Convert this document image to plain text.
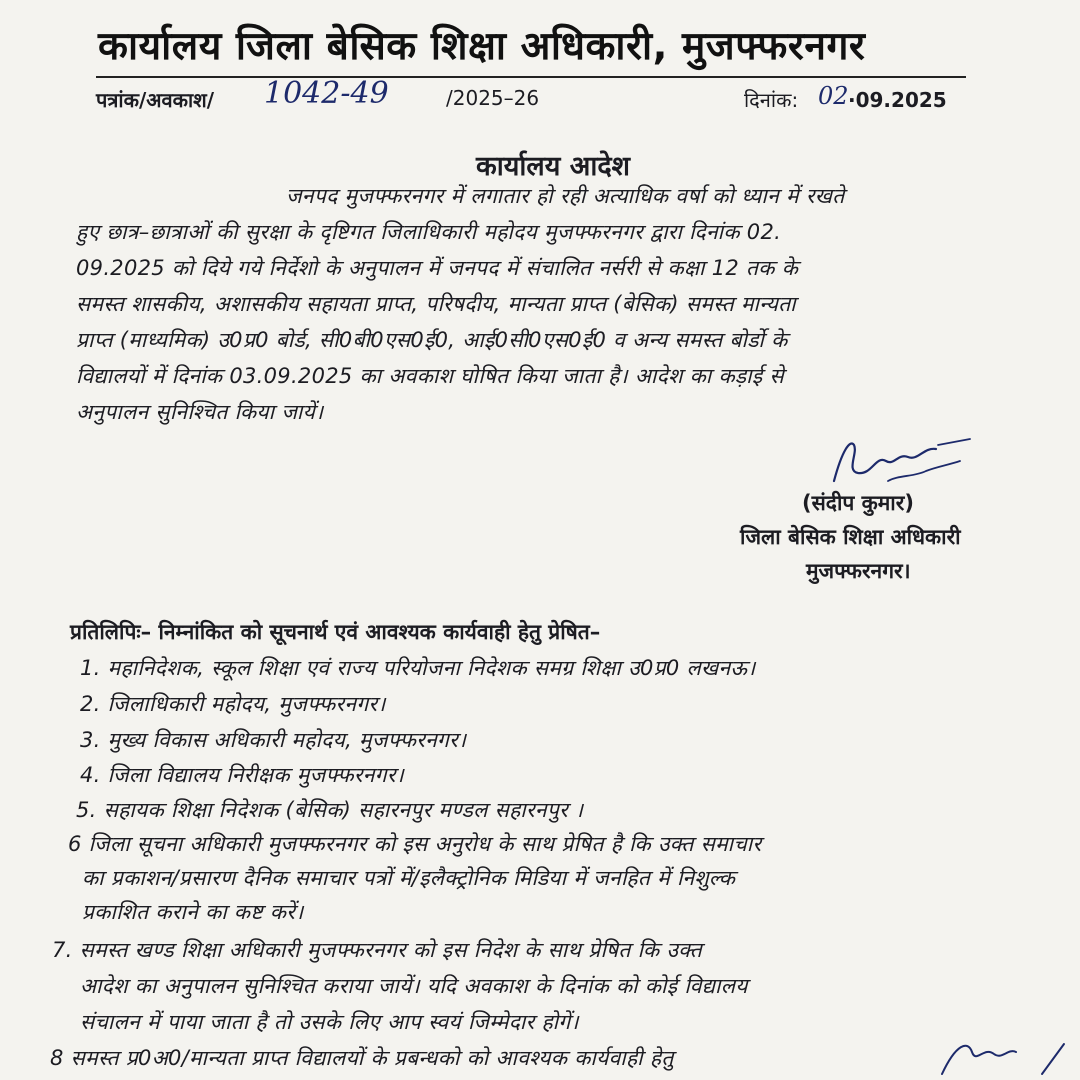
कार्यालय जिला बेसिक शिक्षा अधिकारी, मुजफ्फरनगर
पत्रांक/अवकाश/ 1042-49	/2025–26	दिनांक: 02 ·09.2025
कार्यालय आदेश
जनपद मुजफ्फरनगर में लगातार हो रही अत्याधिक वर्षा को ध्यान में रखते
हुए छात्र–छात्राओं की सुरक्षा के दृष्टिगत जिलाधिकारी महोदय मुजफ्फरनगर द्वारा दिनांक 02.
09.2025 को दिये गये निर्देशो के अनुपालन में जनपद में संचालित नर्सरी से कक्षा 12 तक के
समस्त शासकीय, अशासकीय सहायता प्राप्त, परिषदीय, मान्यता प्राप्त (बेसिक) समस्त मान्यता
प्राप्त (माध्यमिक) उ0प्र0 बोर्ड, सी0बी0एस0ई0, आई0सी0एस0ई0 व अन्य समस्त बोर्डो के
विद्यालयों में दिनांक 03.09.2025 का अवकाश घोषित किया जाता है। आदेश का कड़ाई से
अनुपालन सुनिश्चित किया जायें।
(संदीप कुमार)
जिला बेसिक शिक्षा अधिकारी
मुजफ्फरनगर।
प्रतिलिपिः– निम्नांकित को सूचनार्थ एवं आवश्यक कार्यवाही हेतु प्रेषित–
1. महानिदेशक, स्कूल शिक्षा एवं राज्य परियोजना निदेशक समग्र शिक्षा उ0प्र0 लखनऊ।
2. जिलाधिकारी महोदय, मुजफ्फरनगर।
3. मुख्य विकास अधिकारी महोदय, मुजफ्फरनगर।
4. जिला विद्यालय निरीक्षक मुजफ्फरनगर।
5. सहायक शिक्षा निदेशक (बेसिक) सहारनपुर मण्डल सहारनपुर ।
6 जिला सूचना अधिकारी मुजफ्फरनगर को इस अनुरोध के साथ प्रेषित है कि उक्त समाचार
का प्रकाशन/प्रसारण दैनिक समाचार पत्रों में/इलैक्ट्रोनिक मिडिया में जनहित में निशुल्क
प्रकाशित कराने का कष्ट करें।
7. समस्त खण्ड शिक्षा अधिकारी मुजफ्फरनगर को इस निदेश के साथ प्रेषित कि उक्त
आदेश का अनुपालन सुनिश्चित कराया जायें। यदि अवकाश के दिनांक को कोई विद्यालय
संचालन में पाया जाता है तो उसके लिए आप स्वयं जिम्मेदार होगें।
8 समस्त प्र0अ0/मान्यता प्राप्त विद्यालयों के प्रबन्धको को आवश्यक कार्यवाही हेतु
